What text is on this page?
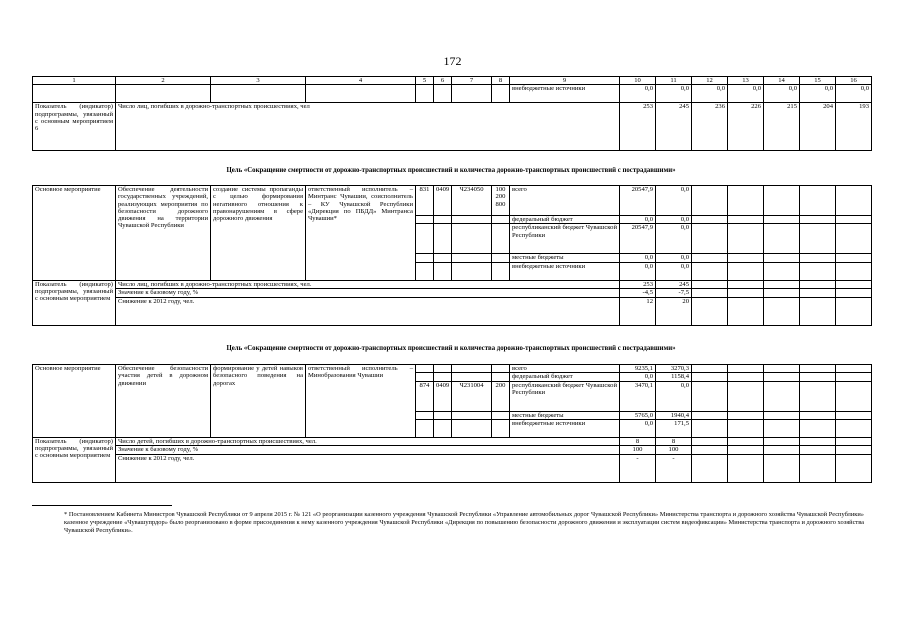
172
1	2	3	4	5	6	7	8	9	10	11	12	13	14	15	16
								внебюджетные источники	0,0	0,0	0,0	0,0	0,0	0,0	0,0
Показатель (индикатор) подпрограммы, увязанный с основным мероприятием 6	Число лиц, погибших в дорожно-транспортных происшествиях, чел								253	245	236	226	215	204	193
Цель «Сокращение смертности от дорожно-транспортных происшествий и количества дорожно-транспортных происшествий с пострадавшими»
Основное мероприятие	Обеспечение деятельности государственных учреждений, реализующих мероприятия по безопасности дорожного движения на территории Чувашской Республики	создание системы пропаганды с целью формирования негативного отношения к правонарушениям в сфере дорожного движения	ответственный исполнитель – Минтранс Чувашии, соисполнитель – КУ Чувашской Республики «Дирекция по ПБДД» Минтранса Чувашии*	831	0409	Ч234050	100
200
800	всего	20547,9	0,0					
								федеральный бюджет	0,0	0,0					
								республиканский бюджет Чувашской Республики	20547,9	0,0					
								местные бюджеты	0,0	0,0					
								внебюджетные источники	0,0	0,0					
Показатель (индикатор) подпрограммы, увязанный с основным мероприятием	Число лиц, погибших в дорожно-транспортных происшествиях, чел.								253	245					
	Значение к базовому году, %								-4,5	-7,5					
	Снижение к 2012 году, чел.								12	20					
Цель «Сокращение смертности от дорожно-транспортных происшествий и количества дорожно-транспортных происшествий с пострадавшими»
Основное мероприятие	Обеспечение безопасности участия детей в дорожном движении	формирование у детей навыков безопасного поведения на дорогах	ответственный исполнитель – Минобразования Чувашии					всего	9235,1	3270,3					
								федеральный бюджет	0,0	1158,4					
				874	0409	Ч231004	200	республиканский бюджет Чувашской Республики	3470,1	0,0					
								местные бюджеты	5765,0	1940,4					
								внебюджетные источники	0,0	171,5					
Показатель (индикатор) подпрограммы, увязанный с основным мероприятием	Число детей, погибших в дорожно-транспортных происшествиях, чел.								8	8					
	Значение к базовому году, %								100	100					
	Снижение к 2012 году, чел.								-	-					
* Постановлением Кабинета Министров Чувашской Республики от 9 апреля 2015 г. № 121 «О реорганизации казенного учреждения Чувашской Республики «Управление автомобильных дорог Чувашской Республики» Министерства транспорта и дорожного хозяйства Чувашской Республики» казенное учреждение «Чувашупрдор» было реорганизовано в форме присоединения к нему казенного учреждения Чувашской Республики «Дирекция по повышению безопасности дорожного движения и эксплуатации систем видеофиксации» Министерства транспорта и дорожного хозяйства Чувашской Республики».
